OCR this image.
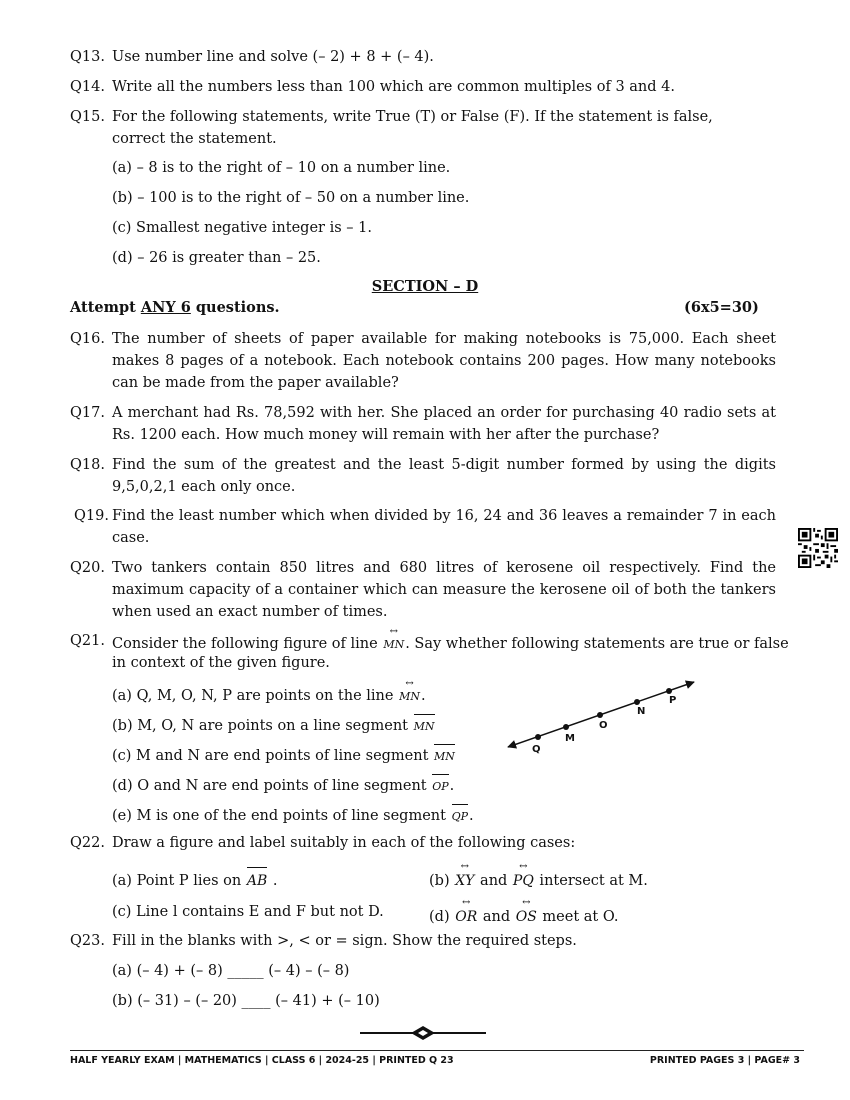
Q13. Use number line and solve (– 2) + 8 + (– 4).
Q14. Write all the numbers less than 100 which are common multiples of 3 and 4.
Q15. For the following statements, write True (T) or False (F). If the statement is false, correct the statement.
(a) – 8 is to the right of – 10 on a number line.
(b) – 100 is to the right of – 50 on a number line.
(c) Smallest negative integer is – 1.
(d) – 26 is greater than – 25.
SECTION – D
Attempt ANY 6 questions.	(6x5=30)
Q16. The number of sheets of paper available for making notebooks is 75,000. Each sheet makes 8 pages of a notebook. Each notebook contains 200 pages. How many notebooks can be made from the paper available?
Q17. A merchant had Rs. 78,592 with her. She placed an order for purchasing 40 radio sets at Rs. 1200 each. How much money will remain with her after the purchase?
Q18. Find the sum of the greatest and the least 5-digit number formed by using the digits 9,5,0,2,1 each only once.
Q19. Find the least number which when divided by 16, 24 and 36 leaves a remainder 7 in each case.
Q20. Two tankers contain 850 litres and 680 litres of kerosene oil respectively. Find the maximum capacity of a container which can measure the kerosene oil of both the tankers when used an exact number of times.
Q21. Consider the following figure of line MN ↔. Say whether following statements are true or false
in context of the given figure.
(a) Q, M, O, N, P are points on the line MN ↔.
(b) M, O, N are points on a line segment MN
(c) M and N are end points of line segment MN
(d) O and N are end points of line segment OP.
(e) M is one of the end points of line segment QP.
Q
M
O
N
P
Q22. Draw a figure and label suitably in each of the following cases:
(a) Point P lies on AB .	(b) XY ↔ and PQ ↔ intersect at M.
(c) Line l contains E and F but not D.	(d) OR ↔ and OS ↔ meet at O.
Q23. Fill in the blanks with >, < or = sign. Show the required steps.
(a) (– 4) + (– 8) _____ (– 4) – (– 8)
(b) (– 31) – (– 20) ____ (– 41) + (– 10)
HALF YEARLY EXAM | MATHEMATICS | CLASS 6 | 2024-25 | PRINTED Q 23	PRINTED PAGES 3 | PAGE# 3
